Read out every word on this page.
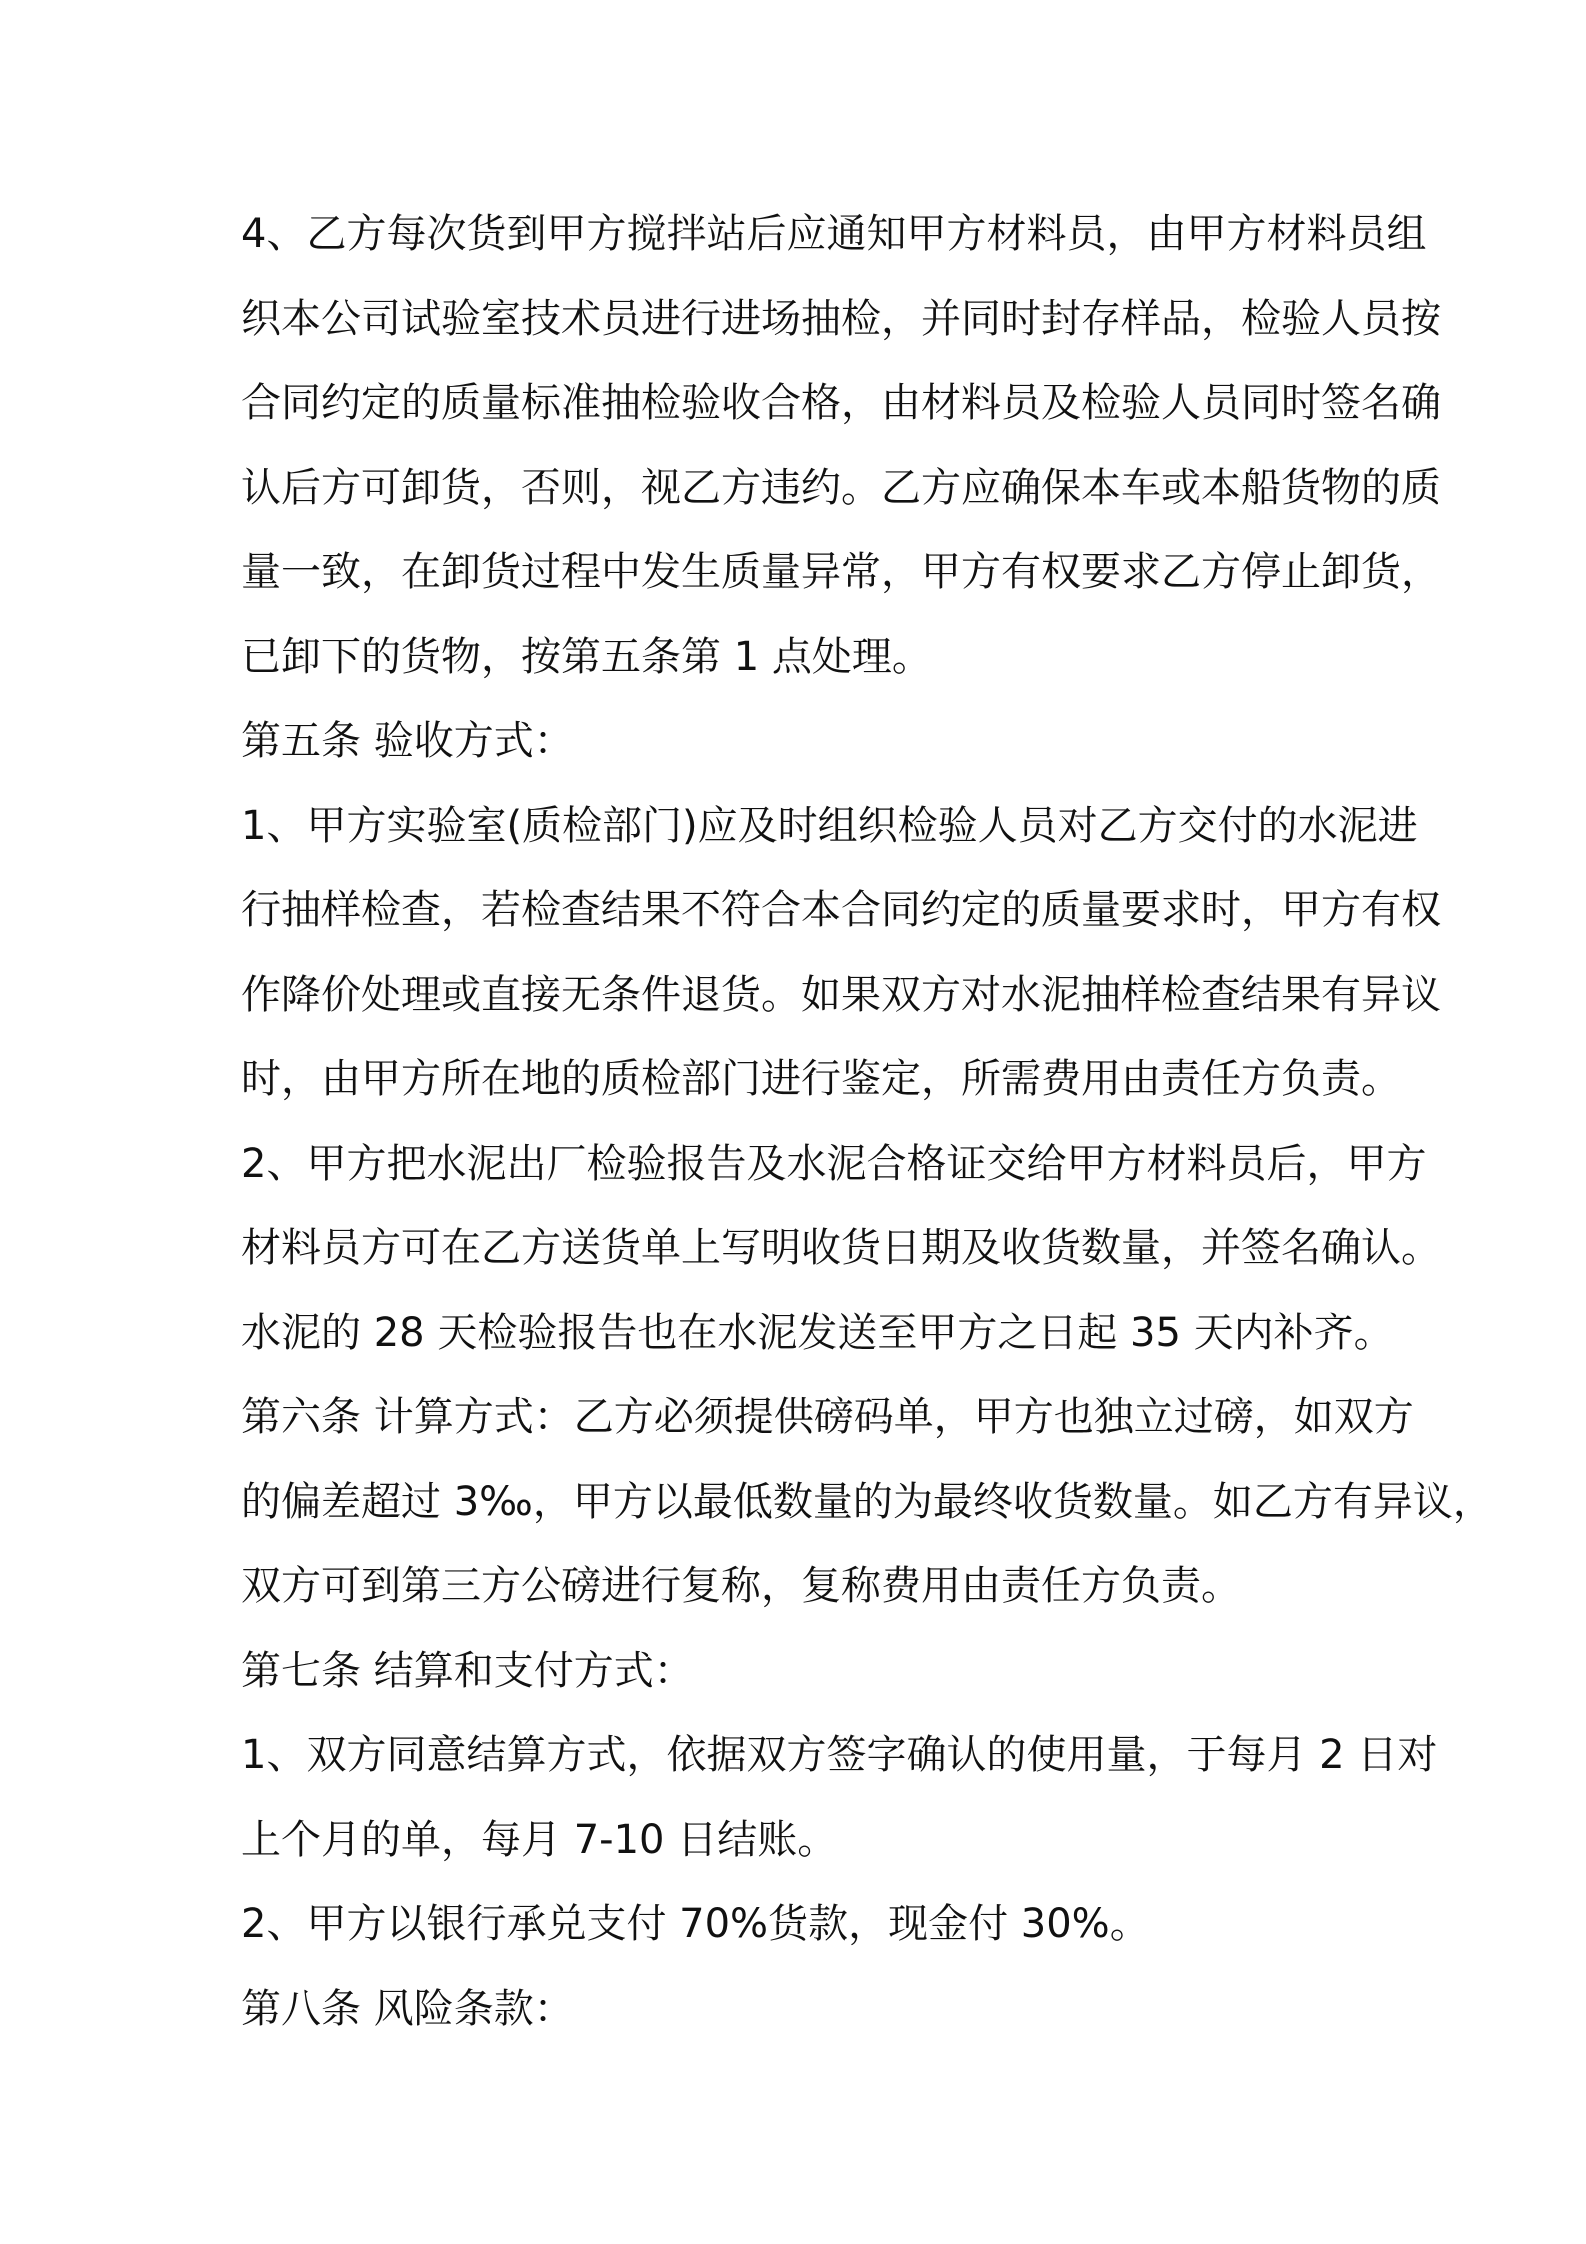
4、乙方每次货到甲方搅拌站后应通知甲方材料员，由甲方材料员组
织本公司试验室技术员进行进场抽检，并同时封存样品，检验人员按
合同约定的质量标准抽检验收合格，由材料员及检验人员同时签名确
认后方可卸货，否则，视乙方违约。乙方应确保本车或本船货物的质
量一致，在卸货过程中发生质量异常，甲方有权要求乙方停止卸货，
已卸下的货物，按第五条第 1 点处理。
第五条 验收方式：
1、甲方实验室(质检部门)应及时组织检验人员对乙方交付的水泥进
行抽样检查，若检查结果不符合本合同约定的质量要求时，甲方有权
作降价处理或直接无条件退货。如果双方对水泥抽样检查结果有异议
时，由甲方所在地的质检部门进行鉴定，所需费用由责任方负责。
2、甲方把水泥出厂检验报告及水泥合格证交给甲方材料员后，甲方
材料员方可在乙方送货单上写明收货日期及收货数量，并签名确认。
水泥的 28 天检验报告也在水泥发送至甲方之日起 35 天内补齐。
第六条 计算方式：乙方必须提供磅码单，甲方也独立过磅，如双方
的偏差超过 3‰，甲方以最低数量的为最终收货数量。如乙方有异议，
双方可到第三方公磅进行复称，复称费用由责任方负责。
第七条 结算和支付方式：
1、双方同意结算方式，依据双方签字确认的使用量，于每月 2 日对
上个月的单，每月 7-10 日结账。
2、甲方以银行承兑支付 70%货款，现金付 30%。
第八条 风险条款：
